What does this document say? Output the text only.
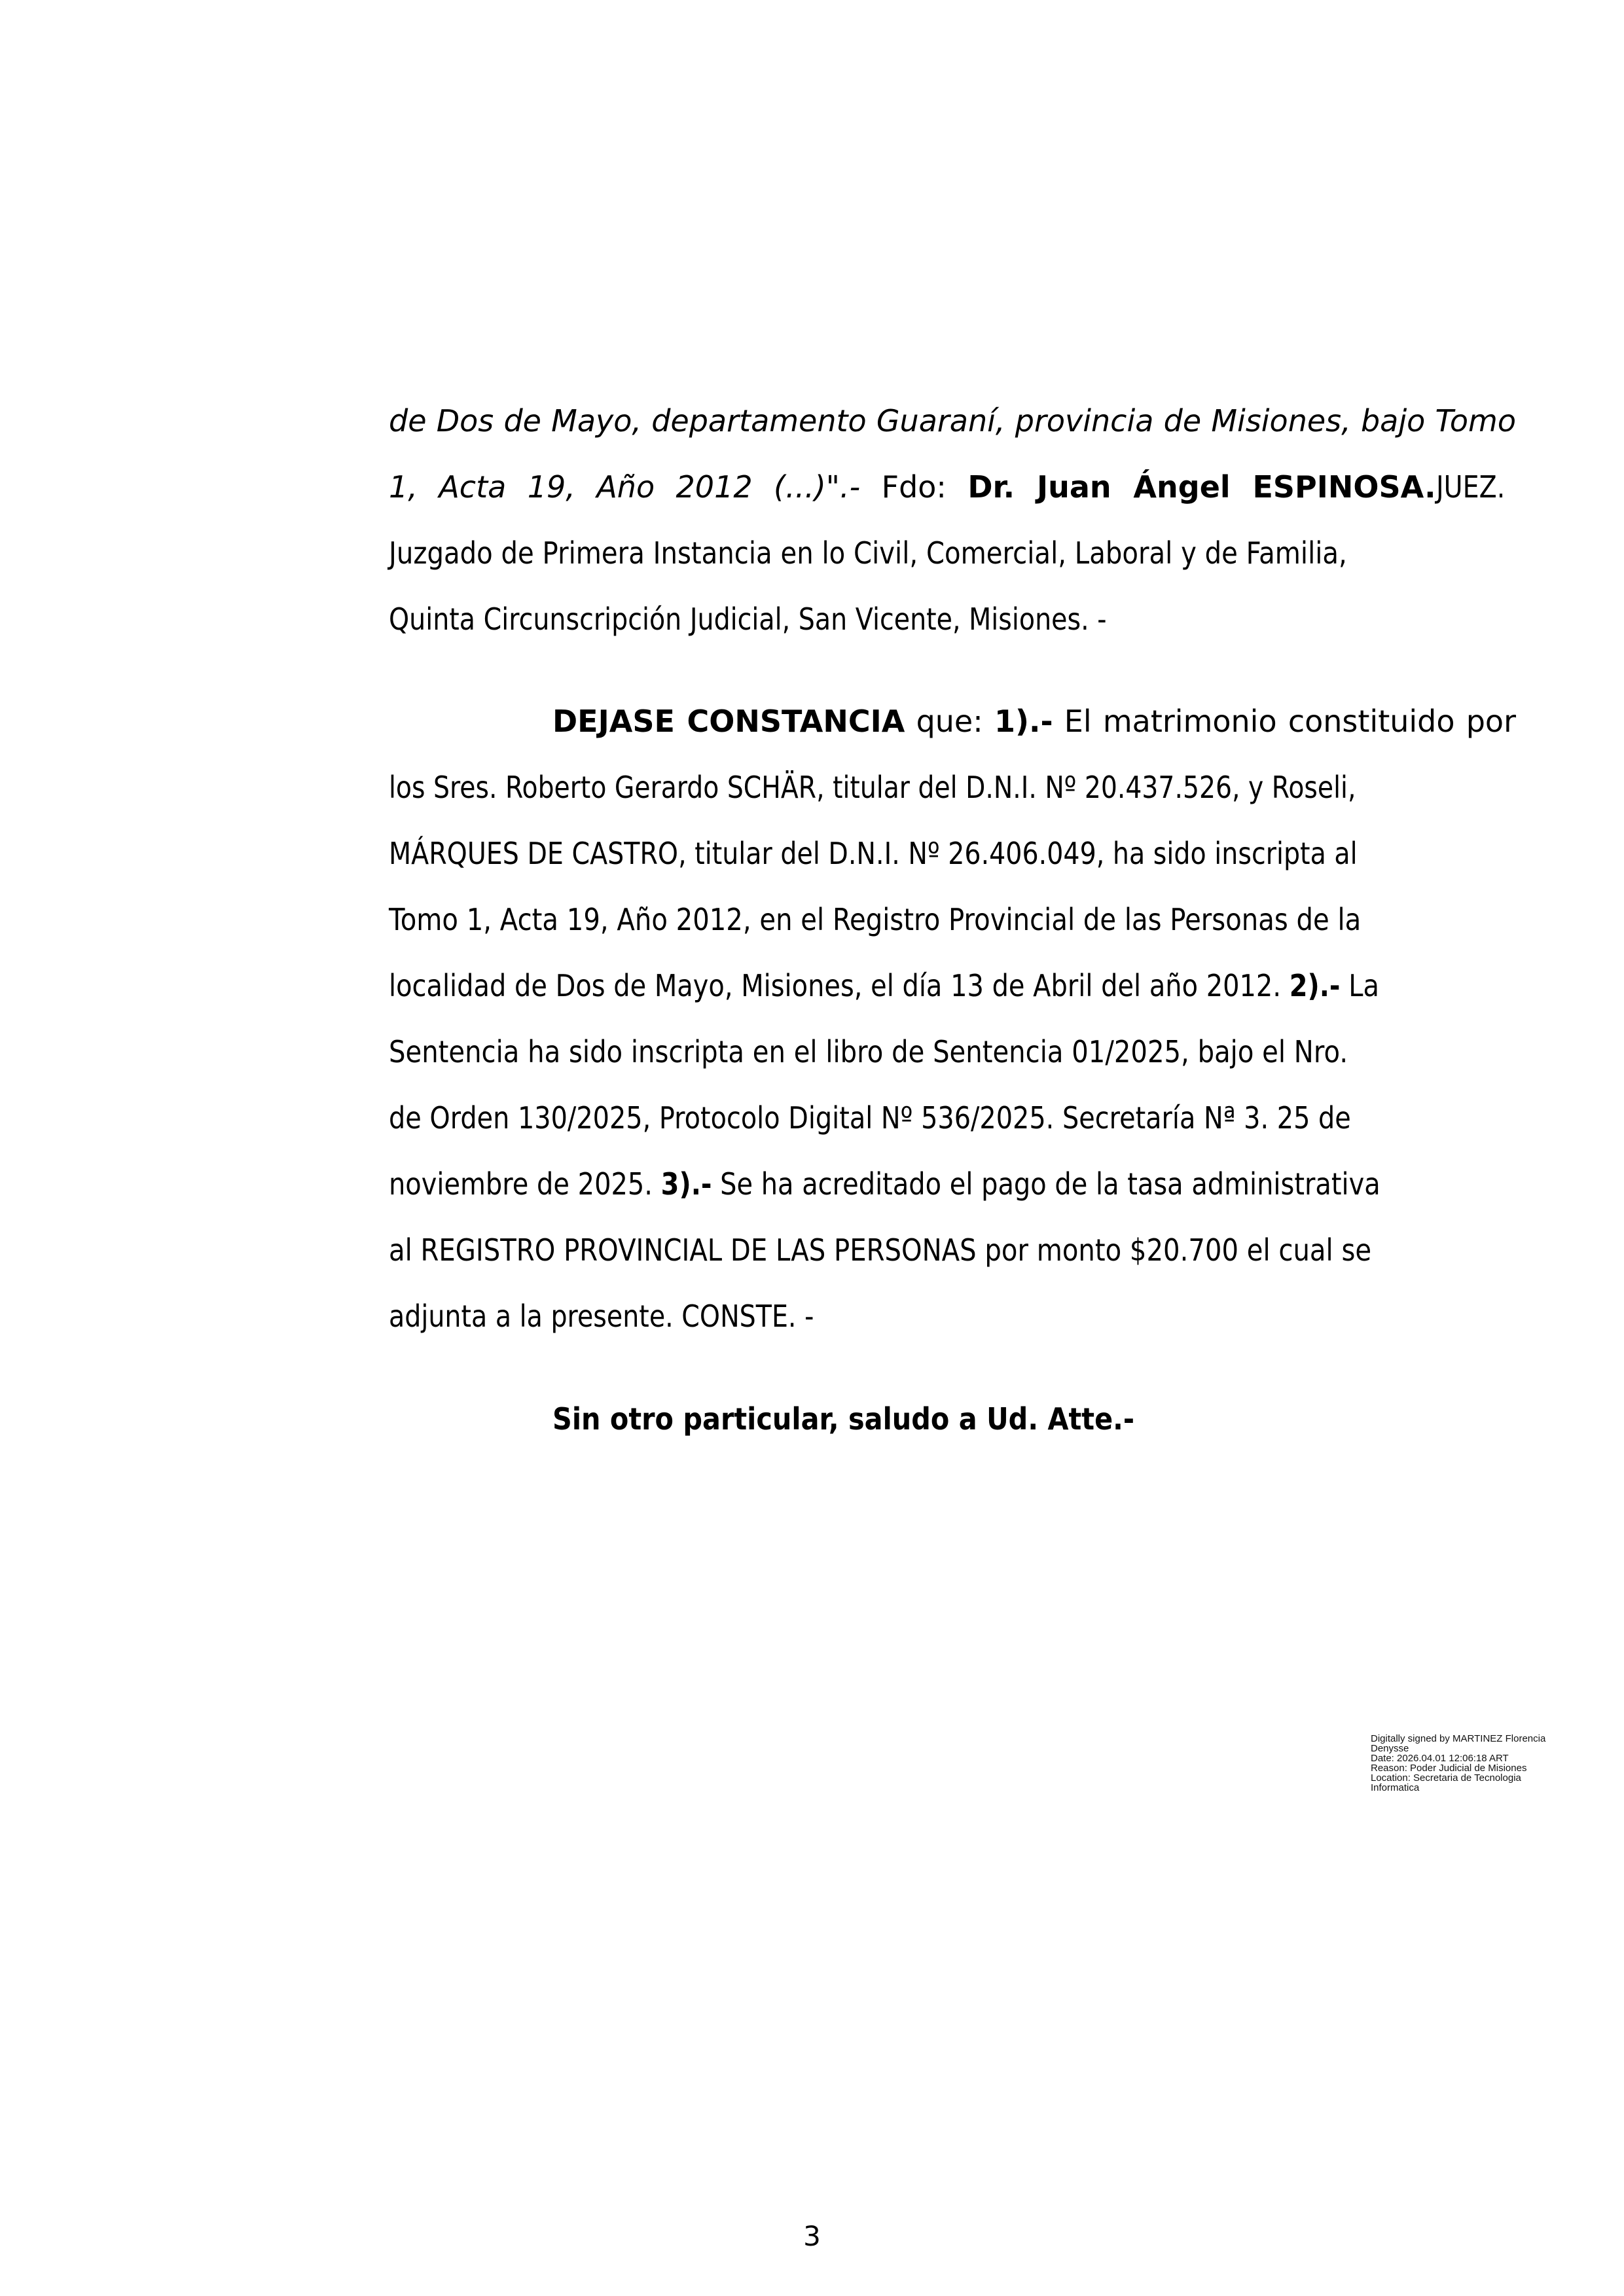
de Dos de Mayo, departamento Guaraní, provincia de Misiones, bajo Tomo
1, Acta 19, Año 2012 (...)".- Fdo: Dr. Juan Ángel ESPINOSA.JUEZ.
Juzgado de Primera Instancia en lo Civil, Comercial, Laboral y de Familia,
Quinta Circunscripción Judicial, San Vicente, Misiones. -
DEJASE CONSTANCIA que: 1).- El matrimonio constituido por
los Sres. Roberto Gerardo SCHÄR, titular del D.N.I. Nº 20.437.526, y Roseli,
MÁRQUES DE CASTRO, titular del D.N.I. Nº 26.406.049, ha sido inscripta al
Tomo 1, Acta 19, Año 2012, en el Registro Provincial de las Personas de la
localidad de Dos de Mayo, Misiones, el día 13 de Abril del año 2012. 2).- La
Sentencia ha sido inscripta en el libro de Sentencia 01/2025, bajo el Nro.
de Orden 130/2025, Protocolo Digital Nº 536/2025. Secretaría Nª 3. 25 de
noviembre de 2025. 3).- Se ha acreditado el pago de la tasa administrativa
al REGISTRO PROVINCIAL DE LAS PERSONAS por monto $20.700 el cual se
adjunta a la presente. CONSTE. -
Sin otro particular, saludo a Ud. Atte.-
Digitally signed by MARTINEZ Florencia
Denysse
Date: 2026.04.01 12:06:18 ART
Reason: Poder Judicial de Misiones
Location: Secretaria de Tecnologia
Informatica
3
